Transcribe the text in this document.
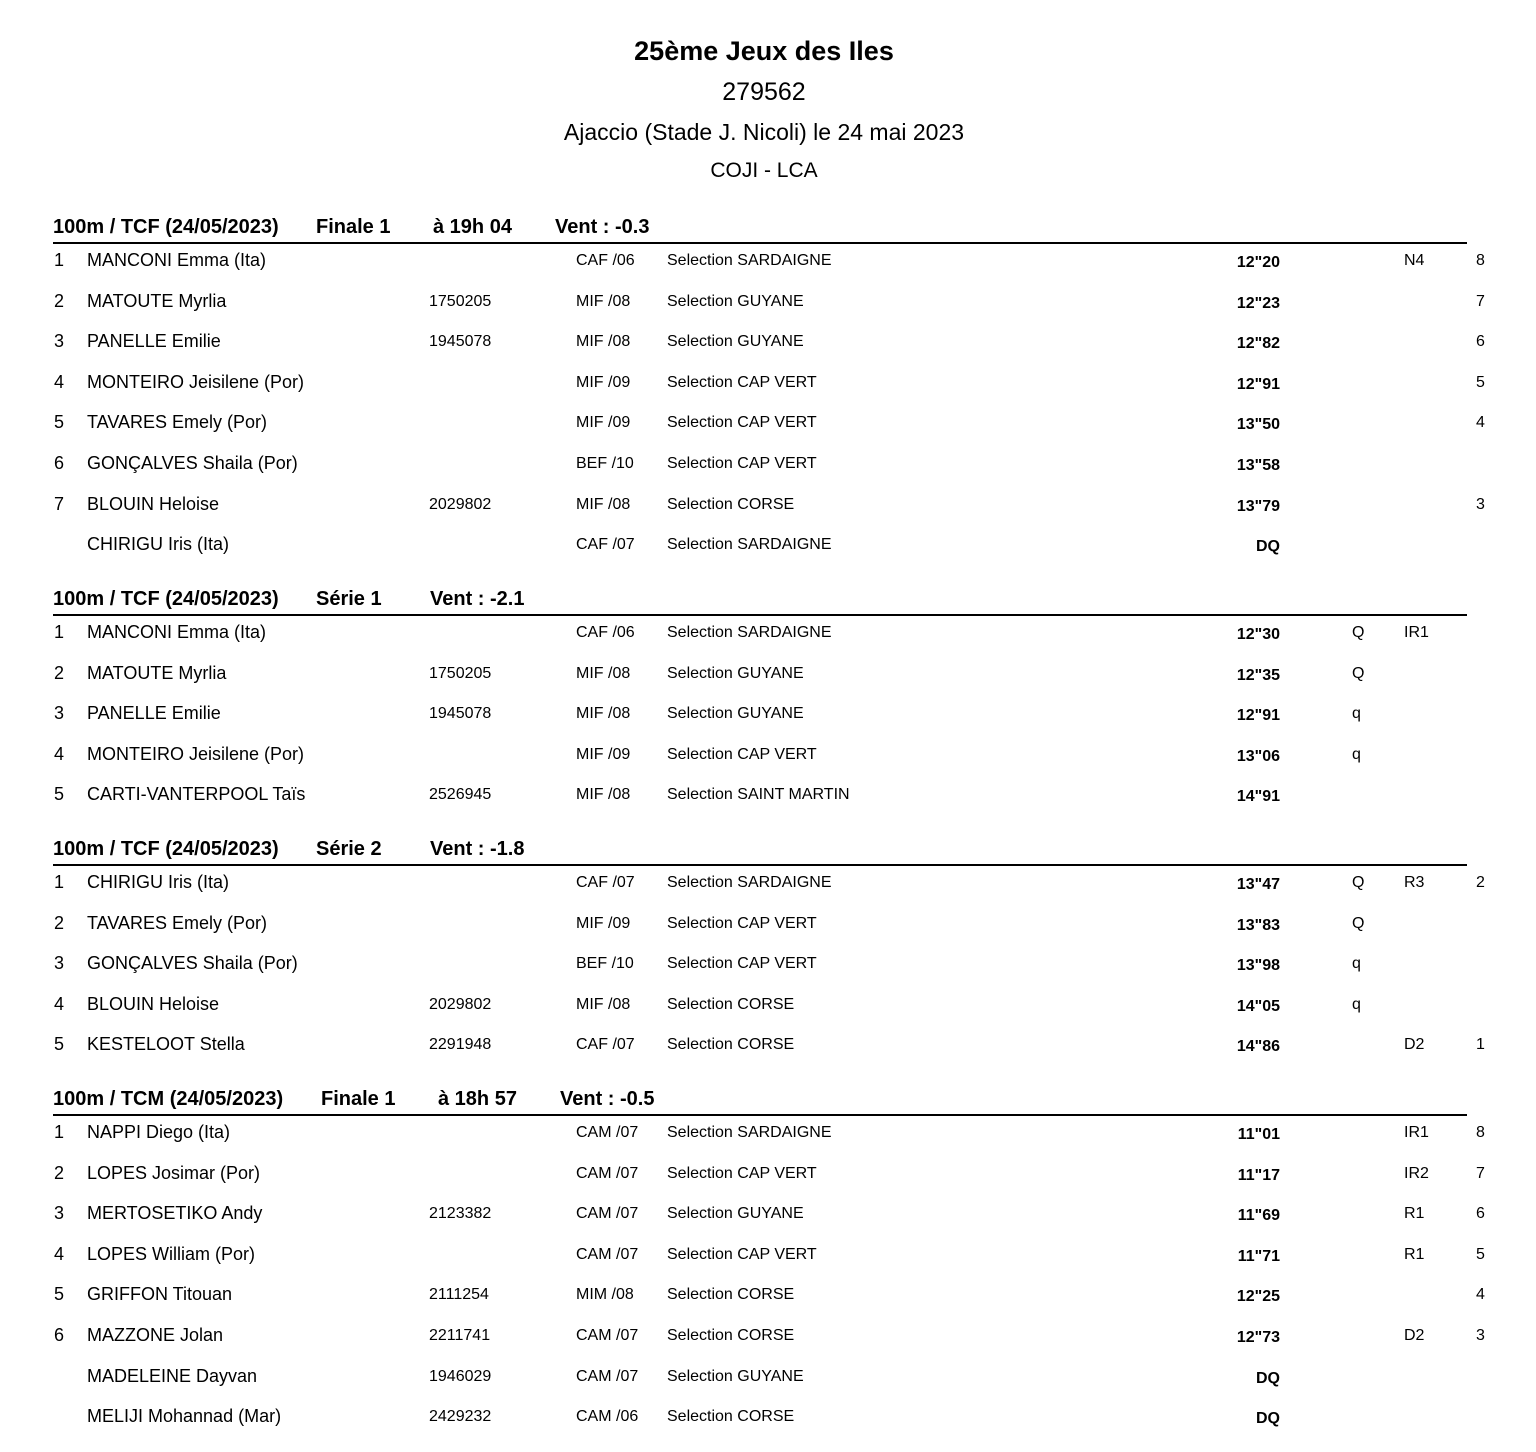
25ème Jeux des Iles
279562
Ajaccio (Stade J. Nicoli) le 24 mai 2023
COJI - LCA
100m / TCF (24/05/2023) Finale 1 à 19h 04 Vent : -0.3
1 MANCONI Emma (Ita)	CAF /06 Selection SARDAIGNE	12"20	N4	8
2 MATOUTE Myrlia	1750205	MIF /08 Selection GUYANE	12"23	7
3 PANELLE Emilie	1945078	MIF /08 Selection GUYANE	12"82	6
4 MONTEIRO Jeisilene (Por)	MIF /09 Selection CAP VERT	12"91	5
5 TAVARES Emely (Por)	MIF /09 Selection CAP VERT	13"50	4
6 GONÇALVES Shaila (Por)	BEF /10 Selection CAP VERT	13"58
7 BLOUIN Heloise	2029802	MIF /08 Selection CORSE	13"79	3
CHIRIGU Iris (Ita)	CAF /07 Selection SARDAIGNE	DQ
100m / TCF (24/05/2023) Série 1 Vent : -2.1
1 MANCONI Emma (Ita)	CAF /06 Selection SARDAIGNE	12"30	Q IR1
2 MATOUTE Myrlia	1750205	MIF /08 Selection GUYANE	12"35	Q
3 PANELLE Emilie	1945078	MIF /08 Selection GUYANE	12"91	q
4 MONTEIRO Jeisilene (Por)	MIF /09 Selection CAP VERT	13"06	q
5 CARTI-VANTERPOOL Taïs	2526945	MIF /08 Selection SAINT MARTIN	14"91
100m / TCF (24/05/2023) Série 2 Vent : -1.8
1 CHIRIGU Iris (Ita)	CAF /07 Selection SARDAIGNE	13"47	Q R3	2
2 TAVARES Emely (Por)	MIF /09 Selection CAP VERT	13"83	Q
3 GONÇALVES Shaila (Por)	BEF /10 Selection CAP VERT	13"98	q
4 BLOUIN Heloise	2029802	MIF /08 Selection CORSE	14"05	q
5 KESTELOOT Stella	2291948	CAF /07 Selection CORSE	14"86	D2	1
100m / TCM (24/05/2023) Finale 1 à 18h 57 Vent : -0.5
1 NAPPI Diego (Ita)	CAM /07 Selection SARDAIGNE	11"01	IR1	8
2 LOPES Josimar (Por)	CAM /07 Selection CAP VERT	11"17	IR2	7
3 MERTOSETIKO Andy	2123382	CAM /07 Selection GUYANE	11"69	R1	6
4 LOPES William (Por)	CAM /07 Selection CAP VERT	11"71	R1	5
5 GRIFFON Titouan	2111254	MIM /08 Selection CORSE	12"25	4
6 MAZZONE Jolan	2211741	CAM /07 Selection CORSE	12"73	D2	3
MADELEINE Dayvan	1946029	CAM /07 Selection GUYANE	DQ
MELIJI Mohannad (Mar)	2429232	CAM /06 Selection CORSE	DQ
